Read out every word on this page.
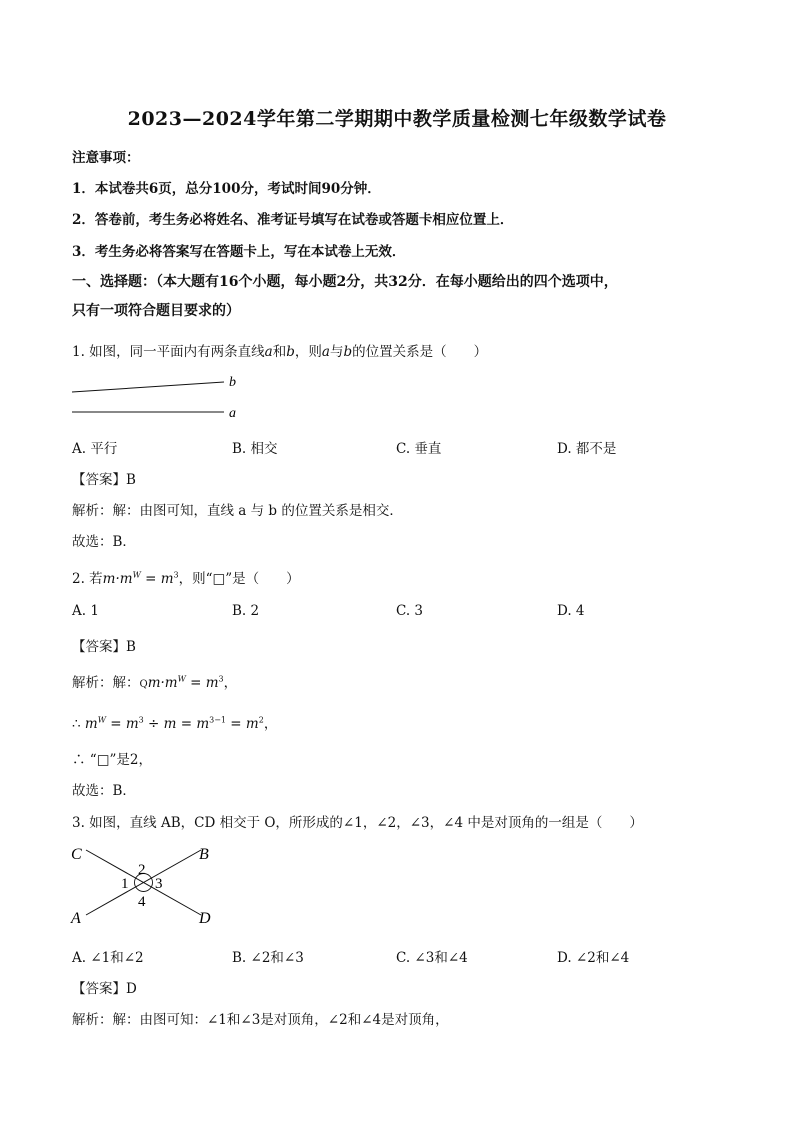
2023—2024学年第二学期期中教学质量检测七年级数学试卷
注意事项：
1．本试卷共6页，总分100分，考试时间90分钟．
2．答卷前，考生务必将姓名、准考证号填写在试卷或答题卡相应位置上．
3．考生务必将答案写在答题卡上，写在本试卷上无效．
一、选择题：（本大题有16个小题，每小题2分，共32分．在每小题给出的四个选项中，
只有一项符合题目要求的）
1. 如图，同一平面内有两条直线a和b，则a与b的位置关系是（　　）
b
a
A. 平行	B. 相交	C. 垂直	D. 都不是
【答案】B
解析：解：由图可知，直线 a 与 b 的位置关系是相交．
故选：B．
2. 若$m\cdot m^W = m^3$，则“□”是（　　）
A. 1	B. 2	C. 3	D. 4
【答案】B
解析：解：$Qm\cdot m^W = m^3$，
∴ $m^W = m^3 \div m = m^{3-1} = m^2$，
∴ “□”是2，
故选：B．
3. 如图，直线 AB，CD 相交于 O，所形成的∠1，∠2，∠3，∠4 中是对顶角的一组是（　　）
C	B
A	D
2
1 3
4
A. ∠1和∠2	B. ∠2和∠3	C. ∠3和∠4	D. ∠2和∠4
【答案】D
解析：解：由图可知：∠1和∠3是对顶角，∠2和∠4是对顶角，
